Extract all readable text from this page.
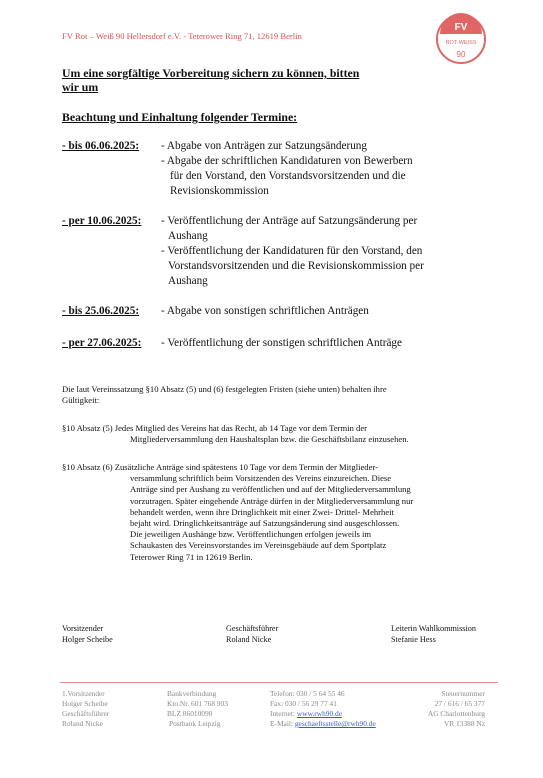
FV Rot – Weiß 90 Hellersdorf e.V. - Teterower Ring 71, 12619 Berlin
FV
ROT-WEISS
90
Um eine sorgfältige Vorbereitung sichern zu können, bitten
wir um
Beachtung und Einhaltung folgender Termine:
- bis 06.06.2025: - Abgabe von Anträgen zur Satzungsänderung
- Abgabe der schriftlichen Kandidaturen von Bewerbern
für den Vorstand, den Vorstandsvorsitzenden und die
Revisionskommission
- per 10.06.2025: - Veröffentlichung der Anträge auf Satzungsänderung per
Aushang
- Veröffentlichung der Kandidaturen für den Vorstand, den
Vorstandsvorsitzenden und die Revisionskommission per
Aushang
- bis 25.06.2025: - Abgabe von sonstigen schriftlichen Anträgen
- per 27.06.2025: - Veröffentlichung der sonstigen schriftlichen Anträge
Die laut Vereinssatzung §10 Absatz (5) und (6) festgelegten Fristen (siehe unten) behalten ihre
Gültigkeit:
§10 Absatz (5) Jedes Mitglied des Vereins hat das Recht, ab 14 Tage vor dem Termin der
Mitgliederversammlung den Haushaltsplan bzw. die Geschäftsbilanz einzusehen.
§10 Absatz (6) Zusätzliche Anträge sind spätestens 10 Tage vor dem Termin der Mitglieder-
versammlung schriftlich beim Vorsitzenden des Vereins einzureichen. Diese
Anträge sind per Aushang zu veröffentlichen und auf der Mitgliederversammlung
vorzutragen. Später eingehende Anträge dürfen in der Mitgliederversammlung nur
behandelt werden, wenn ihre Dringlichkeit mit einer Zwei- Drittel- Mehrheit
bejaht wird. Dringlichkeitsanträge auf Satzungsänderung sind ausgeschlossen.
Die jeweiligen Aushänge bzw. Veröffentlichungen erfolgen jeweils im
Schaukasten des Vereinsvorstandes im Vereinsgebäude auf dem Sportplatz
Teterower Ring 71 in 12619 Berlin.
Vorsitzender
Holger Scheibe
Geschäftsführer
Roland Nicke
Leiterin Wahlkommission
Stefanie Hess
1.Vorsitzender
Holger Scheibe
Geschäftsführer
Roland Nicke
Bankverbindung
Kto.Nr. 601 768 903
BLZ 86010090
Postbank Leipzig
Telefon: 030 / 5 64 55 46
Fax: 030 / 56 29 77 41
Internet: www.rwh90.de
E-Mail: geschaeftsstelle@rwh90.de
Steuernummer
27 / 616 / 65 377
AG Charlottenburg
VR 13388 Nz
